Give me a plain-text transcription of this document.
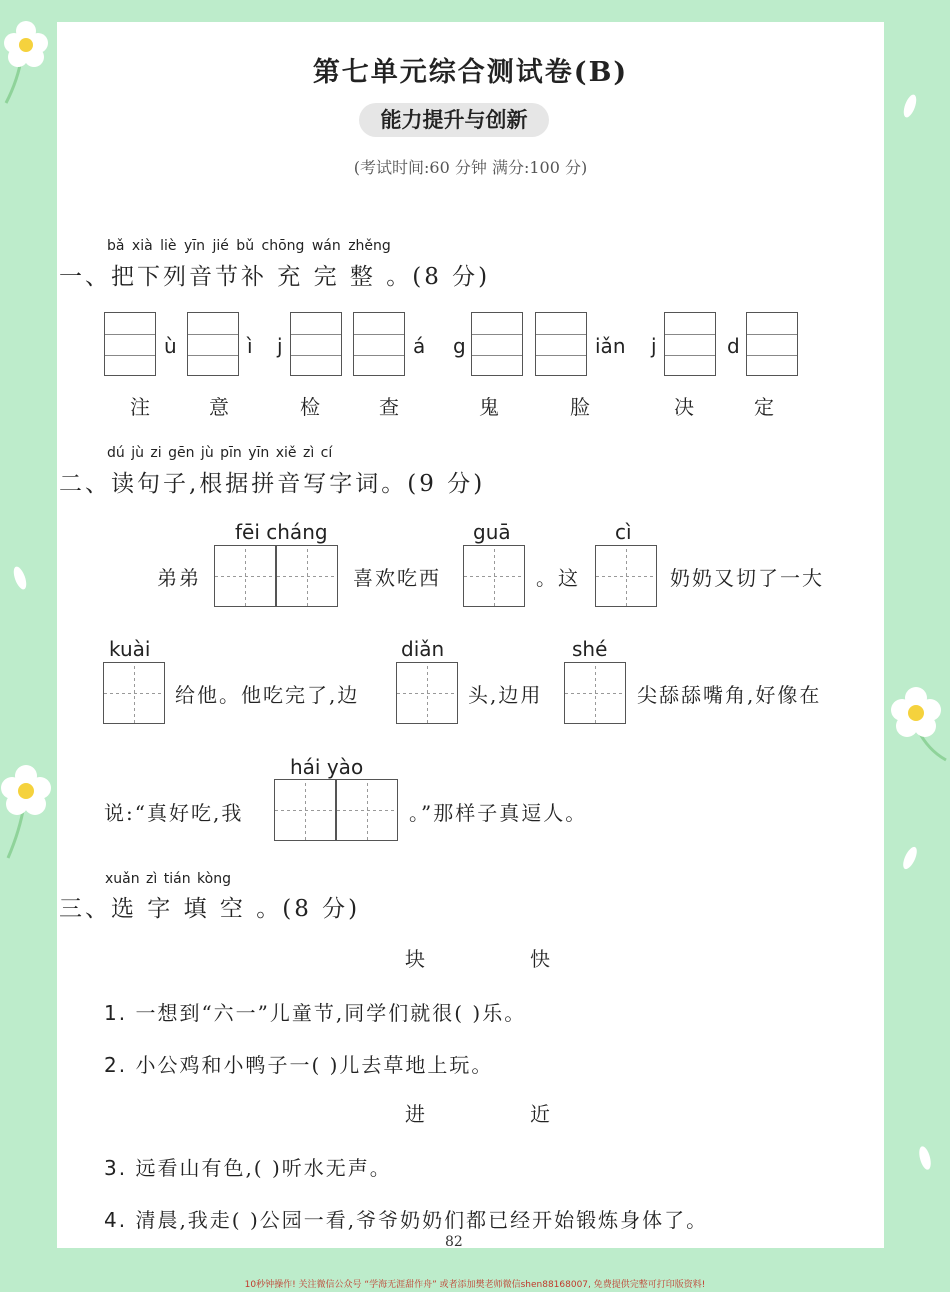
第七单元综合测试卷(B)
能力提升与创新
(考试时间:60 分钟 满分:100 分)
bǎ xià liè yīn jié bǔ chōng wán zhěng
一、把下列音节补 充 完 整 。(8 分)
ù	ì j	á g	iǎn j	d
注	意	检	查	鬼	脸	决	定
dú jù zi gēn jù pīn yīn xiě zì cí
二、读句子,根据拼音写字词。(9 分)
fēi cháng	guā	cì
弟弟	喜欢吃西	。这	奶奶又切了一大
kuài	diǎn	shé
给他。他吃完了,边	头,边用	尖舔舔嘴角,好像在
hái yào
说:“真好吃,我	。”那样子真逗人。
xuǎn zì tián kòng
三、选 字 填 空 。(8 分)
块	快
1. 一想到“六一”儿童节,同学们就很( )乐。
2. 小公鸡和小鸭子一( )儿去草地上玩。
进	近
3. 远看山有色,( )听水无声。
4. 清晨,我走( )公园一看,爷爷奶奶们都已经开始锻炼身体了。
82
10秒钟操作! 关注微信公众号 “学海无涯甜作舟” 或者添加樊老师微信shen88168007, 免费提供完整可打印版资料!
